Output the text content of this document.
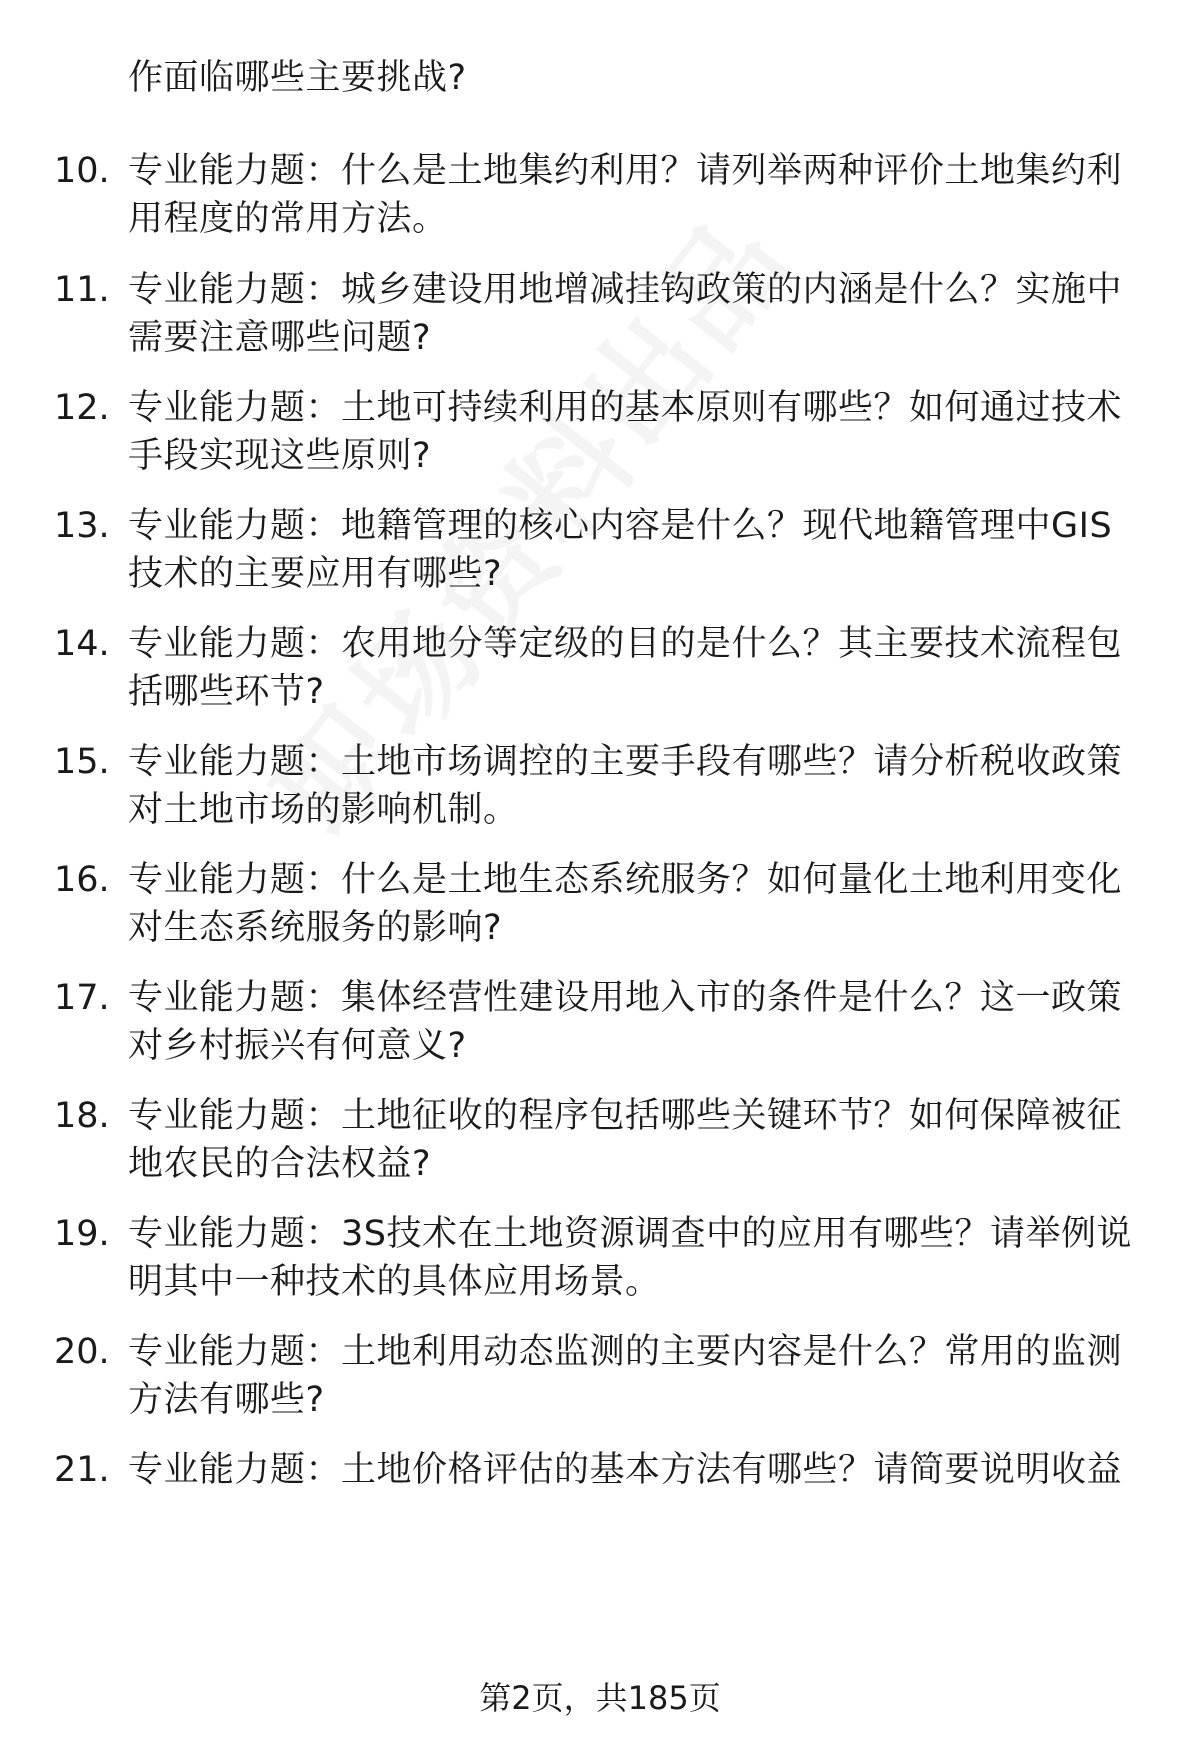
作面临哪些主要挑战?
10. 专业能力题：什么是土地集约利用？请列举两种评价土地集约利
用程度的常用方法。
11. 专业能力题：城乡建设用地增减挂钩政策的内涵是什么？实施中
需要注意哪些问题?
12. 专业能力题：土地可持续利用的基本原则有哪些？如何通过技术
手段实现这些原则?
13. 专业能力题：地籍管理的核心内容是什么？现代地籍管理中GIS
技术的主要应用有哪些?
14. 专业能力题：农用地分等定级的目的是什么？其主要技术流程包
括哪些环节?
15. 专业能力题：土地市场调控的主要手段有哪些？请分析税收政策
对土地市场的影响机制。
16. 专业能力题：什么是土地生态系统服务？如何量化土地利用变化
对生态系统服务的影响?
17. 专业能力题：集体经营性建设用地入市的条件是什么？这一政策
对乡村振兴有何意义?
18. 专业能力题：土地征收的程序包括哪些关键环节？如何保障被征
地农民的合法权益?
19. 专业能力题：3S技术在土地资源调查中的应用有哪些？请举例说
明其中一种技术的具体应用场景。
20. 专业能力题：土地利用动态监测的主要内容是什么？常用的监测
方法有哪些?
21. 专业能力题：土地价格评估的基本方法有哪些？请简要说明收益
第2页，共185页
